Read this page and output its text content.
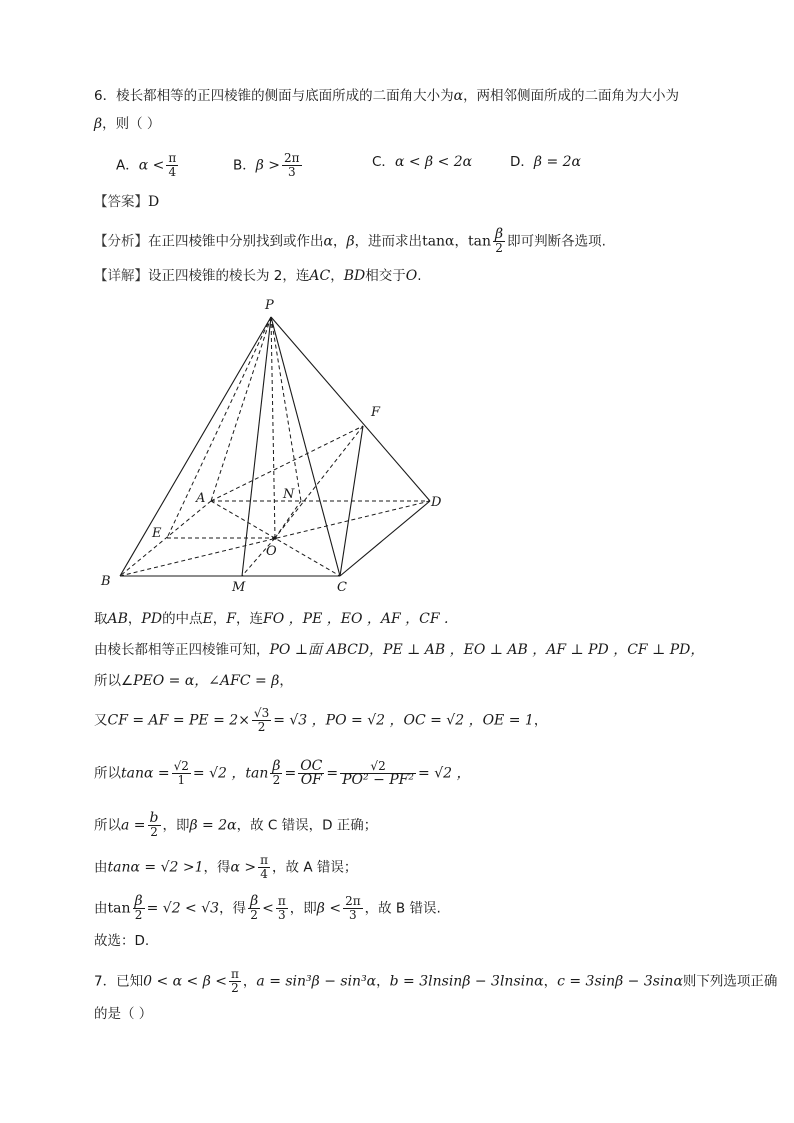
6．棱长都相等的正四棱锥的侧面与底面所成的二面角大小为α，两相邻侧面所成的二面角为大小为
β，则（ ）
A．$\alpha < \frac{\pi}{4}$	B．$\beta > \frac{2\pi}{3}$	C．α < β < 2α	D．β = 2α
【答案】D
【分析】在正四棱锥中分别找到或作出α，β，进而求出tanα，$\tan \frac{\beta}{2}$ 即可判断各选项.
【详解】设正四棱锥的棱长为 2，连AC，BD相交于O.
P
F
A	N
D
E
O
B	M	C
取AB，PD的中点E，F，连FO ，PE ，EO ，AF ，CF .
由棱长都相等正四棱锥可知，PO ⊥面 ABCD，PE ⊥ AB ，EO ⊥ AB ，AF ⊥ PD ，CF ⊥ PD，
所以∠PEO = α，∠AFC = β，
又CF = AF = PE = $2\times \frac{√3}{2} = √3$ ，PO = √2 ，OC = √2 ，OE = 1，
所以$\tan\alpha = \frac{√2}{1} = √2$ ，$\tan \frac{\beta}{2} = \frac{OC}{OF} = \frac{√2}{\text{PO² − PF²}} = √2$ ，
所以$a = \frac{b}{2}$ ，即β = 2α，故 C 错误，D 正确；
由tanα = √2 >1，得$\alpha > \frac{\pi}{4}$ ，故 A 错误；
由$\tan \frac{\beta}{2} = √2 < √3$，得 $\frac{\beta}{2} < \frac{\pi}{3}$ ，即$\beta < \frac{2\pi}{3}$ ，故 B 错误.
故选：D.
7．已知$0 < \alpha < \beta < \frac{\pi}{2}$ ，a = sin³β − sin³α，b = 3lnsinβ − 3lnsinα，c = 3sinβ − 3sinα则下列选项正确
的是（ ）
